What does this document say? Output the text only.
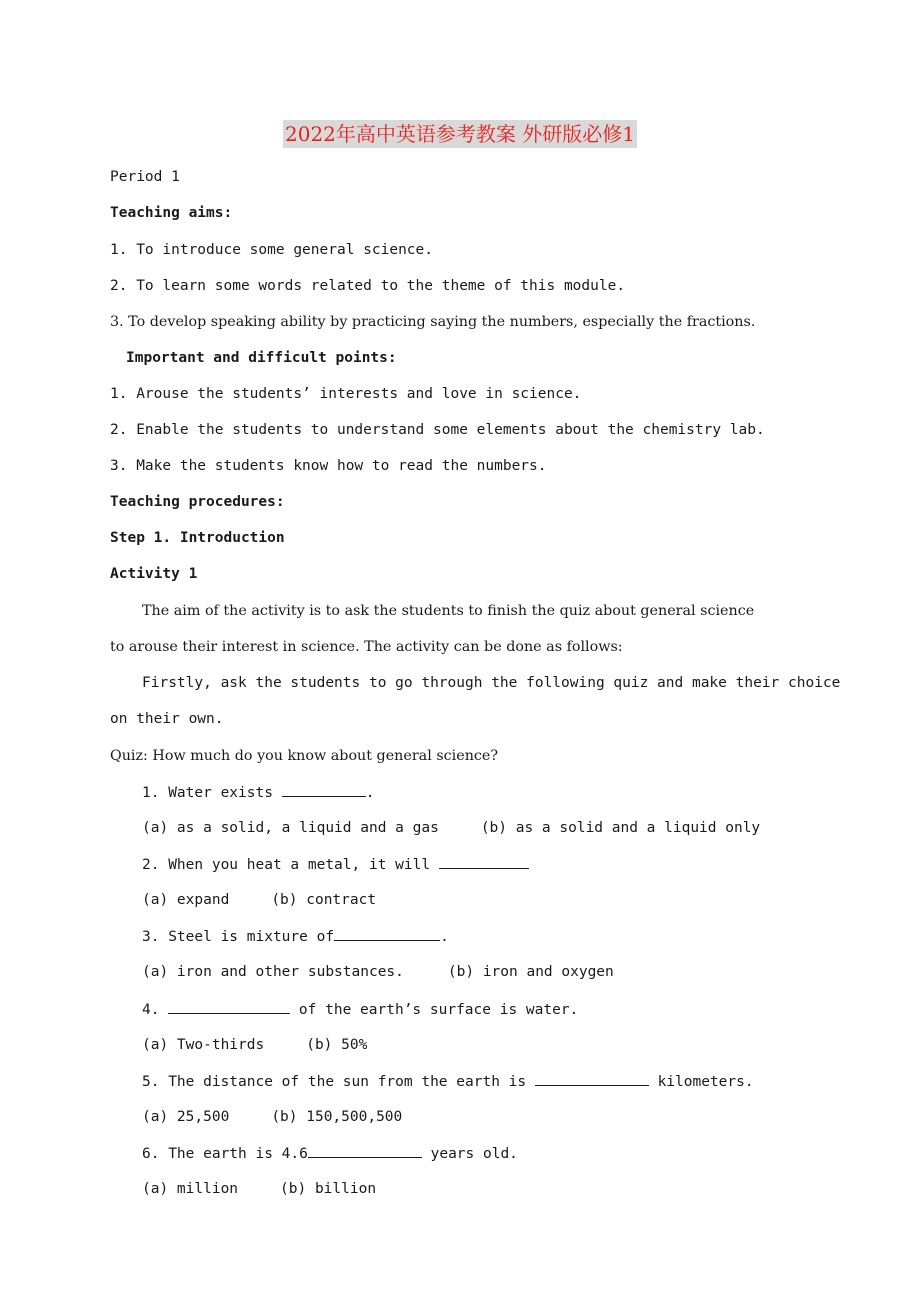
2022年高中英语参考教案 外研版必修1
Period 1
Teaching aims:
1. To introduce some general science.
2. To learn some words related to the theme of this module.
3. To develop speaking ability by practicing saying the numbers, especially the fractions.
Important and difficult points:
1. Arouse the students’ interests and love in science.
2. Enable the students to understand some elements about the chemistry lab.
3. Make the students know how to read the numbers.
Teaching procedures:
Step 1. Introduction
Activity 1
The aim of the activity is to ask the students to finish the quiz about general science
to arouse their interest in science. The activity can be done as follows:
Firstly, ask the students to go through the following quiz and make their choice
on their own.
Quiz: How much do you know about general science?
1. Water exists	.
(a) as a solid, a liquid and a gas	(b) as a solid and a liquid only
2. When you heat a metal, it will
(a) expand	(b) contract
3. Steel is mixture of	.
(a) iron and other substances.	(b) iron and oxygen
4.	of the earth’s surface is water.
(a) Two-thirds	(b) 50%
5. The distance of the sun from the earth is	kilometers.
(a) 25,500	(b) 150,500,500
6. The earth is 4.6	years old.
(a) million	(b) billion
